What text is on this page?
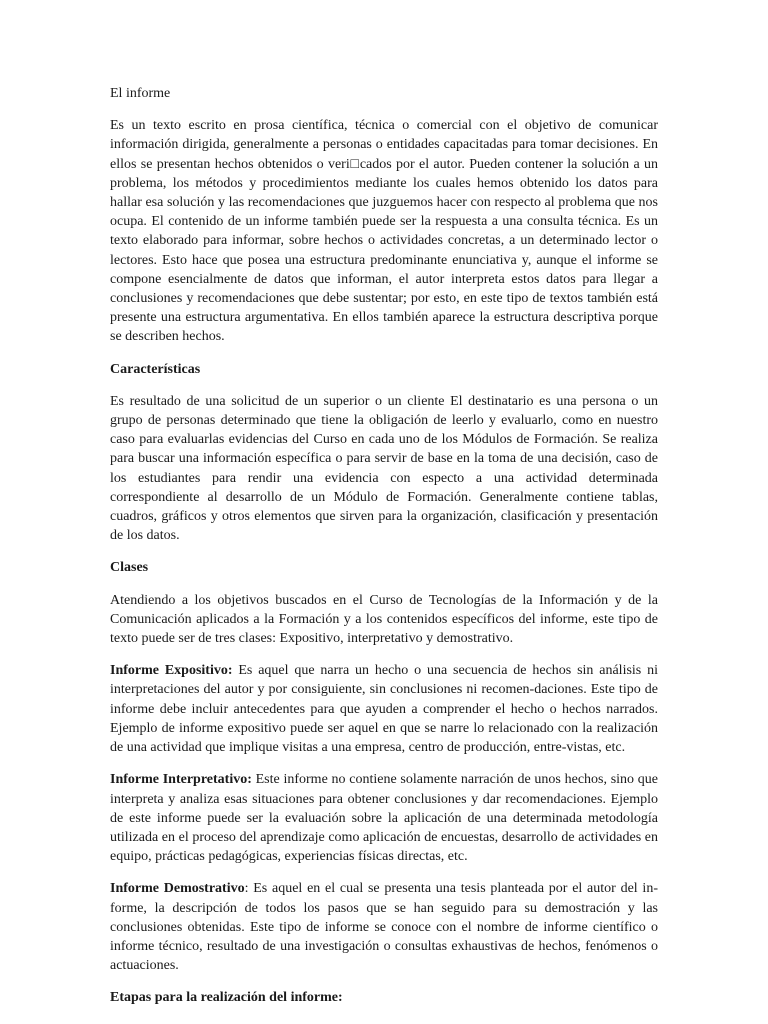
El informe

Es un texto escrito en prosa científica, técnica o comercial con el objetivo de comunicar información dirigida, generalmente a personas o entidades capacitadas para tomar decisiones. En ellos se presentan hechos obtenidos o veri□cados por el autor. Pueden contener la solución a un problema, los métodos y procedimientos mediante los cuales hemos obtenido los datos para hallar esa solución y las recomendaciones que juzguemos hacer con respecto al problema que nos ocupa. El contenido de un informe también puede ser la respuesta a una consulta técnica. Es un texto elaborado para informar, sobre hechos o actividades concretas, a un determinado lector o lectores. Esto hace que posea una estructura predominante enunciativa y, aunque el informe se compone esencialmente de datos que informan, el autor interpreta estos datos para llegar a conclusiones y recomendaciones que debe sustentar; por esto, en este tipo de textos también está presente una estructura argumentativa. En ellos también aparece la estructura descriptiva porque se describen hechos.

Características

Es resultado de una solicitud de un superior o un cliente El destinatario es una persona o un grupo de personas determinado que tiene la obligación de leerlo y evaluarlo, como en nuestro caso para evaluarlas evidencias del Curso en cada uno de los Módulos de Formación. Se realiza para buscar una información específica o para servir de base en la toma de una decisión, caso de los estudiantes para rendir una evidencia con especto a una actividad determinada correspondiente al desarrollo de un Módulo de Formación. Generalmente contiene tablas, cuadros, gráficos y otros elementos que sirven para la organización, clasificación y presentación de los datos.

Clases

Atendiendo a los objetivos buscados en el Curso de Tecnologías de la Información y de la Comunicación aplicados a la Formación y a los contenidos específicos del informe, este tipo de texto puede ser de tres clases: Expositivo, interpretativo y demostrativo.

Informe Expositivo: Es aquel que narra un hecho o una secuencia de hechos sin análisis ni interpretaciones del autor y por consiguiente, sin conclusiones ni recomen-daciones. Este tipo de informe debe incluir antecedentes para que ayuden a comprender el hecho o hechos narrados. Ejemplo de informe expositivo puede ser aquel en que se narre lo relacionado con la realización de una actividad que implique visitas a una empresa, centro de producción, entre-vistas, etc.

Informe Interpretativo: Este informe no contiene solamente narración de unos hechos, sino que interpreta y analiza esas situaciones para obtener conclusiones y dar recomendaciones. Ejemplo de este informe puede ser la evaluación sobre la aplicación de una determinada metodología utilizada en el proceso del aprendizaje como aplicación de encuestas, desarrollo de actividades en equipo, prácticas pedagógicas, experiencias físicas directas, etc.

Informe Demostrativo: Es aquel en el cual se presenta una tesis planteada por el autor del in-forme, la descripción de todos los pasos que se han seguido para su demostración y las conclusiones obtenidas. Este tipo de informe se conoce con el nombre de informe científico o informe técnico, resultado de una investigación o consultas exhaustivas de hechos, fenómenos o actuaciones.

Etapas para la realización del informe:
